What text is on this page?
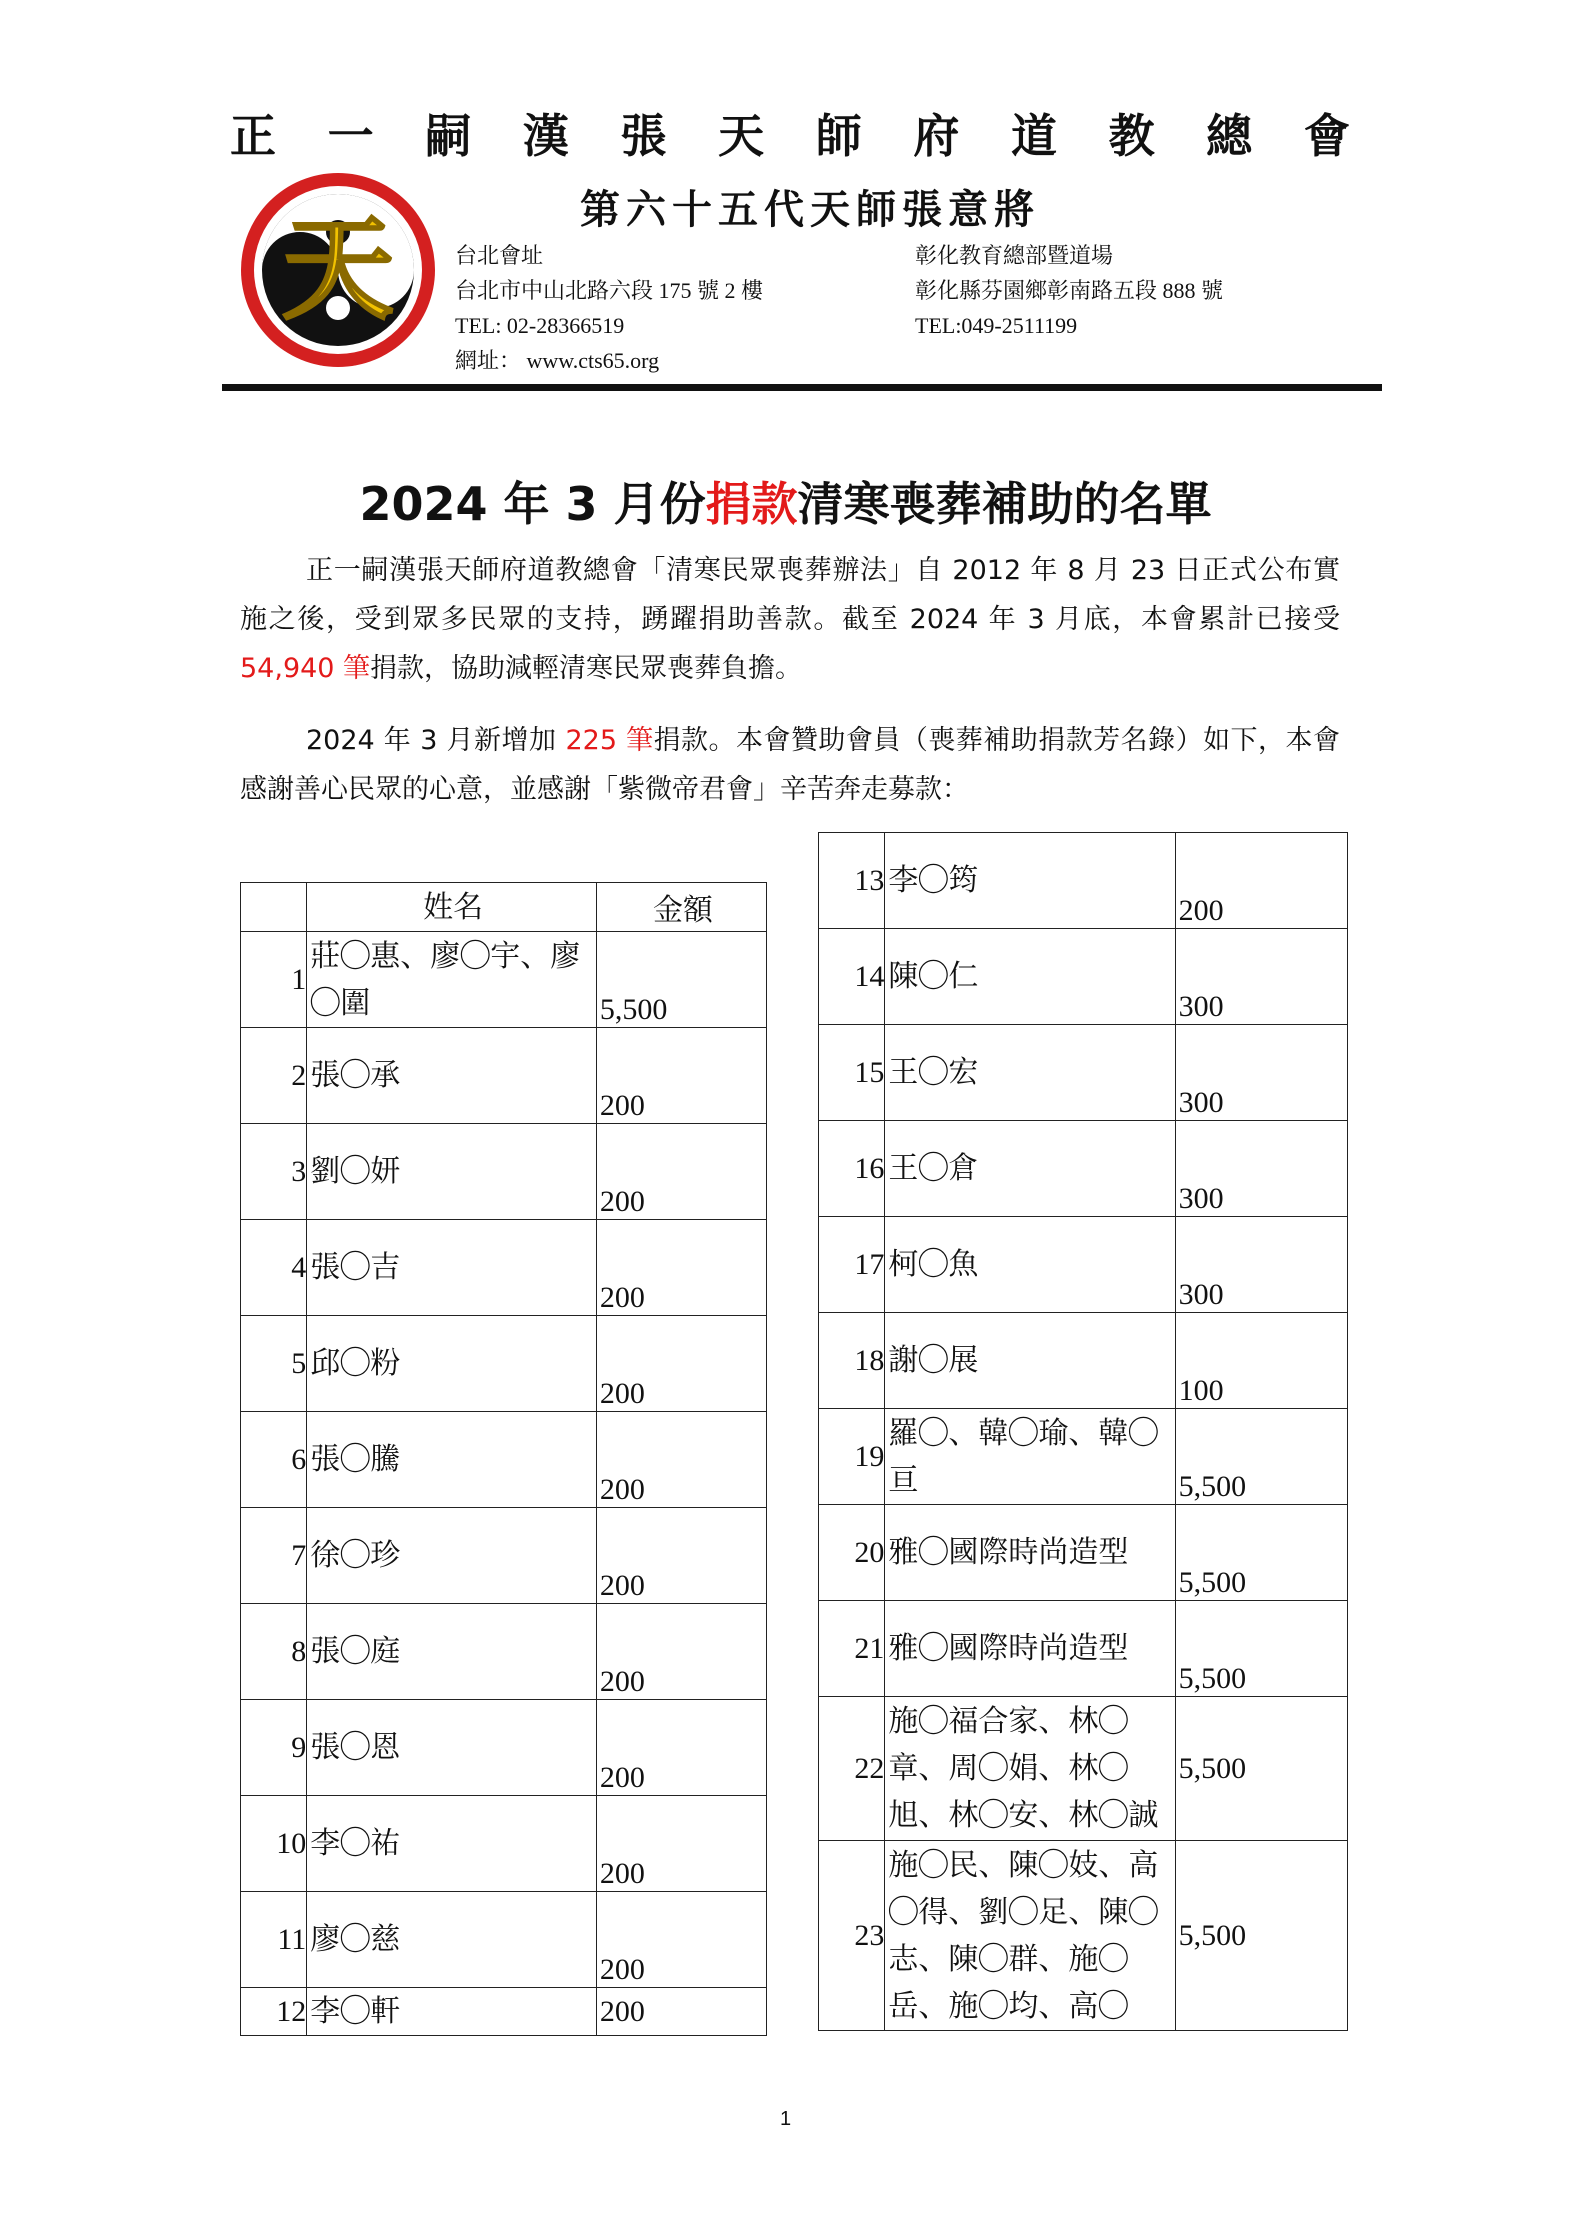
正 一 嗣 漢 張 天 師 府 道 教 總 會
天	第六十五代天師張意將
台北會址
台北市中山北路六段 175 號 2 樓
TEL: 02-28366519
網址： www.cts65.org
彰化教育總部暨道場
彰化縣芬園鄉彰南路五段 888 號
TEL:049-2511199
2024 年 3 月份捐款清寒喪葬補助的名單
正一嗣漢張天師府道教總會「清寒民眾喪葬辦法」自 2012 年 8 月 23 日正式公布實施之後，受到眾多民眾的支持，踴躍捐助善款。截至 2024 年 3 月底，本會累計已接受 54,940 筆捐款，協助減輕清寒民眾喪葬負擔。
2024 年 3 月新增加 225 筆捐款。本會贊助會員（喪葬補助捐款芳名錄）如下，本會感謝善心民眾的心意，並感謝「紫微帝君會」辛苦奔走募款：
	姓名	金額
1	莊◯惠、廖◯宇、廖◯圍	5,500
2	張◯承	200
3	劉◯妍	200
4	張◯吉	200
5	邱◯粉	200
6	張◯騰	200
7	徐◯珍	200
8	張◯庭	200
9	張◯恩	200
10	李◯祐	200
11	廖◯慈	200
12	李◯軒	200
13	李◯筠	200
14	陳◯仁	300
15	王◯宏	300
16	王◯倉	300
17	柯◯魚	300
18	謝◯展	100
19	羅◯、韓◯瑜、韓◯亘	5,500
20	雅◯國際時尚造型	5,500
21	雅◯國際時尚造型	5,500
22	施◯福合家、林◯章、周◯娟、林◯旭、林◯安、林◯誠	5,500
23	施◯民、陳◯妓、高◯得、劉◯足、陳◯志、陳◯群、施◯岳、施◯均、高◯	5,500
1
